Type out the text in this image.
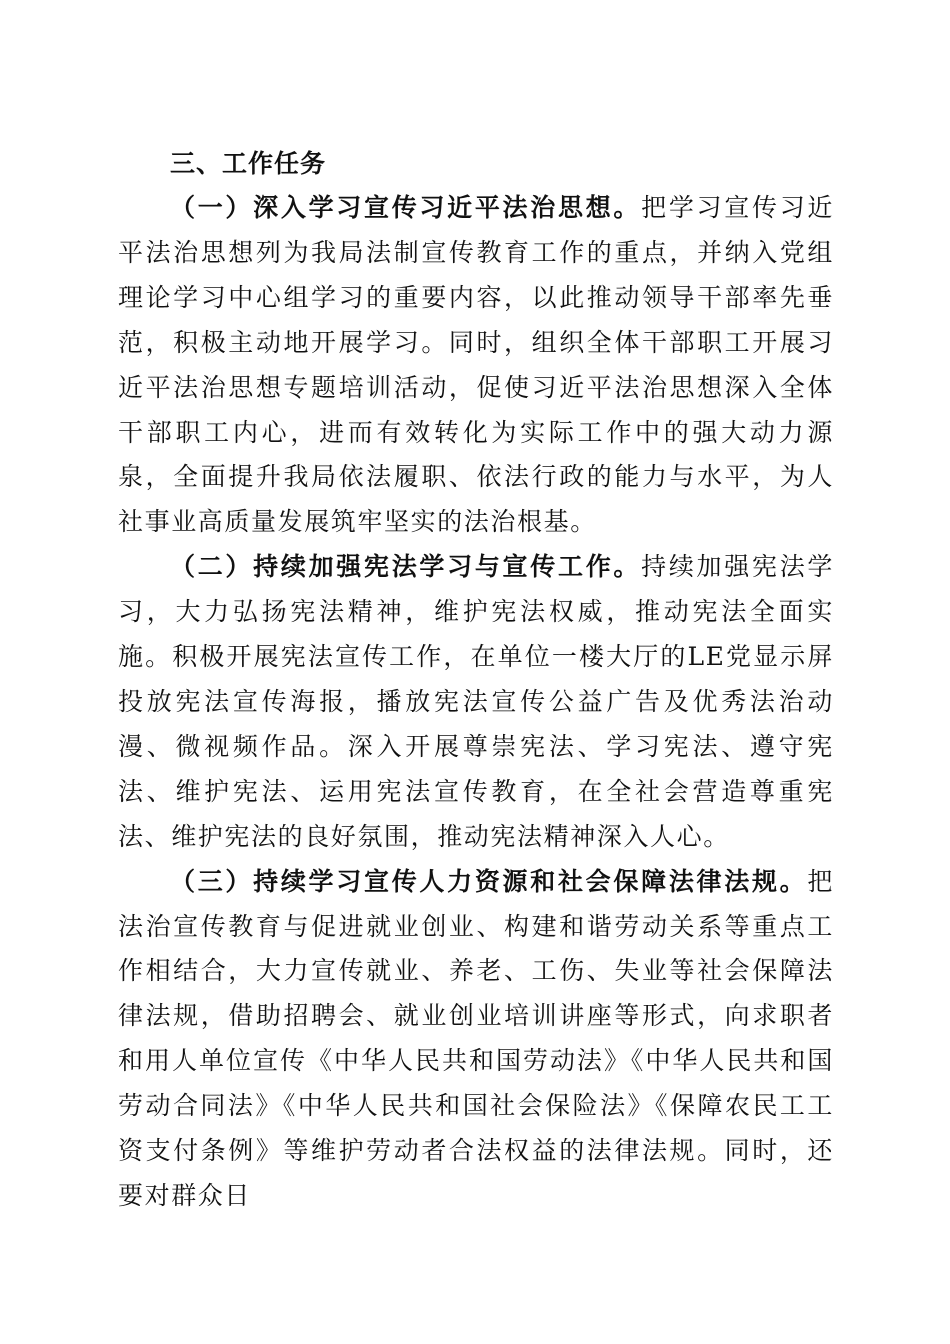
三、工作任务

（一）深入学习宣传习近平法治思想。把学习宣传习近平法治思想列为我局法制宣传教育工作的重点，并纳入党组理论学习中心组学习的重要内容，以此推动领导干部率先垂范，积极主动地开展学习。同时，组织全体干部职工开展习近平法治思想专题培训活动，促使习近平法治思想深入全体干部职工内心，进而有效转化为实际工作中的强大动力源泉，全面提升我局依法履职、依法行政的能力与水平，为人社事业高质量发展筑牢坚实的法治根基。

（二）持续加强宪法学习与宣传工作。持续加强宪法学习，大力弘扬宪法精神，维护宪法权威，推动宪法全面实施。积极开展宪法宣传工作，在单位一楼大厅的LE党显示屏投放宪法宣传海报，播放宪法宣传公益广告及优秀法治动漫、微视频作品。深入开展尊崇宪法、学习宪法、遵守宪法、维护宪法、运用宪法宣传教育，在全社会营造尊重宪法、维护宪法的良好氛围，推动宪法精神深入人心。

（三）持续学习宣传人力资源和社会保障法律法规。把法治宣传教育与促进就业创业、构建和谐劳动关系等重点工作相结合，大力宣传就业、养老、工伤、失业等社会保障法律法规，借助招聘会、就业创业培训讲座等形式，向求职者和用人单位宣传《中华人民共和国劳动法》《中华人民共和国劳动合同法》《中华人民共和国社会保险法》《保障农民工工资支付条例》等维护劳动者合法权益的法律法规。同时，还要对群众日
